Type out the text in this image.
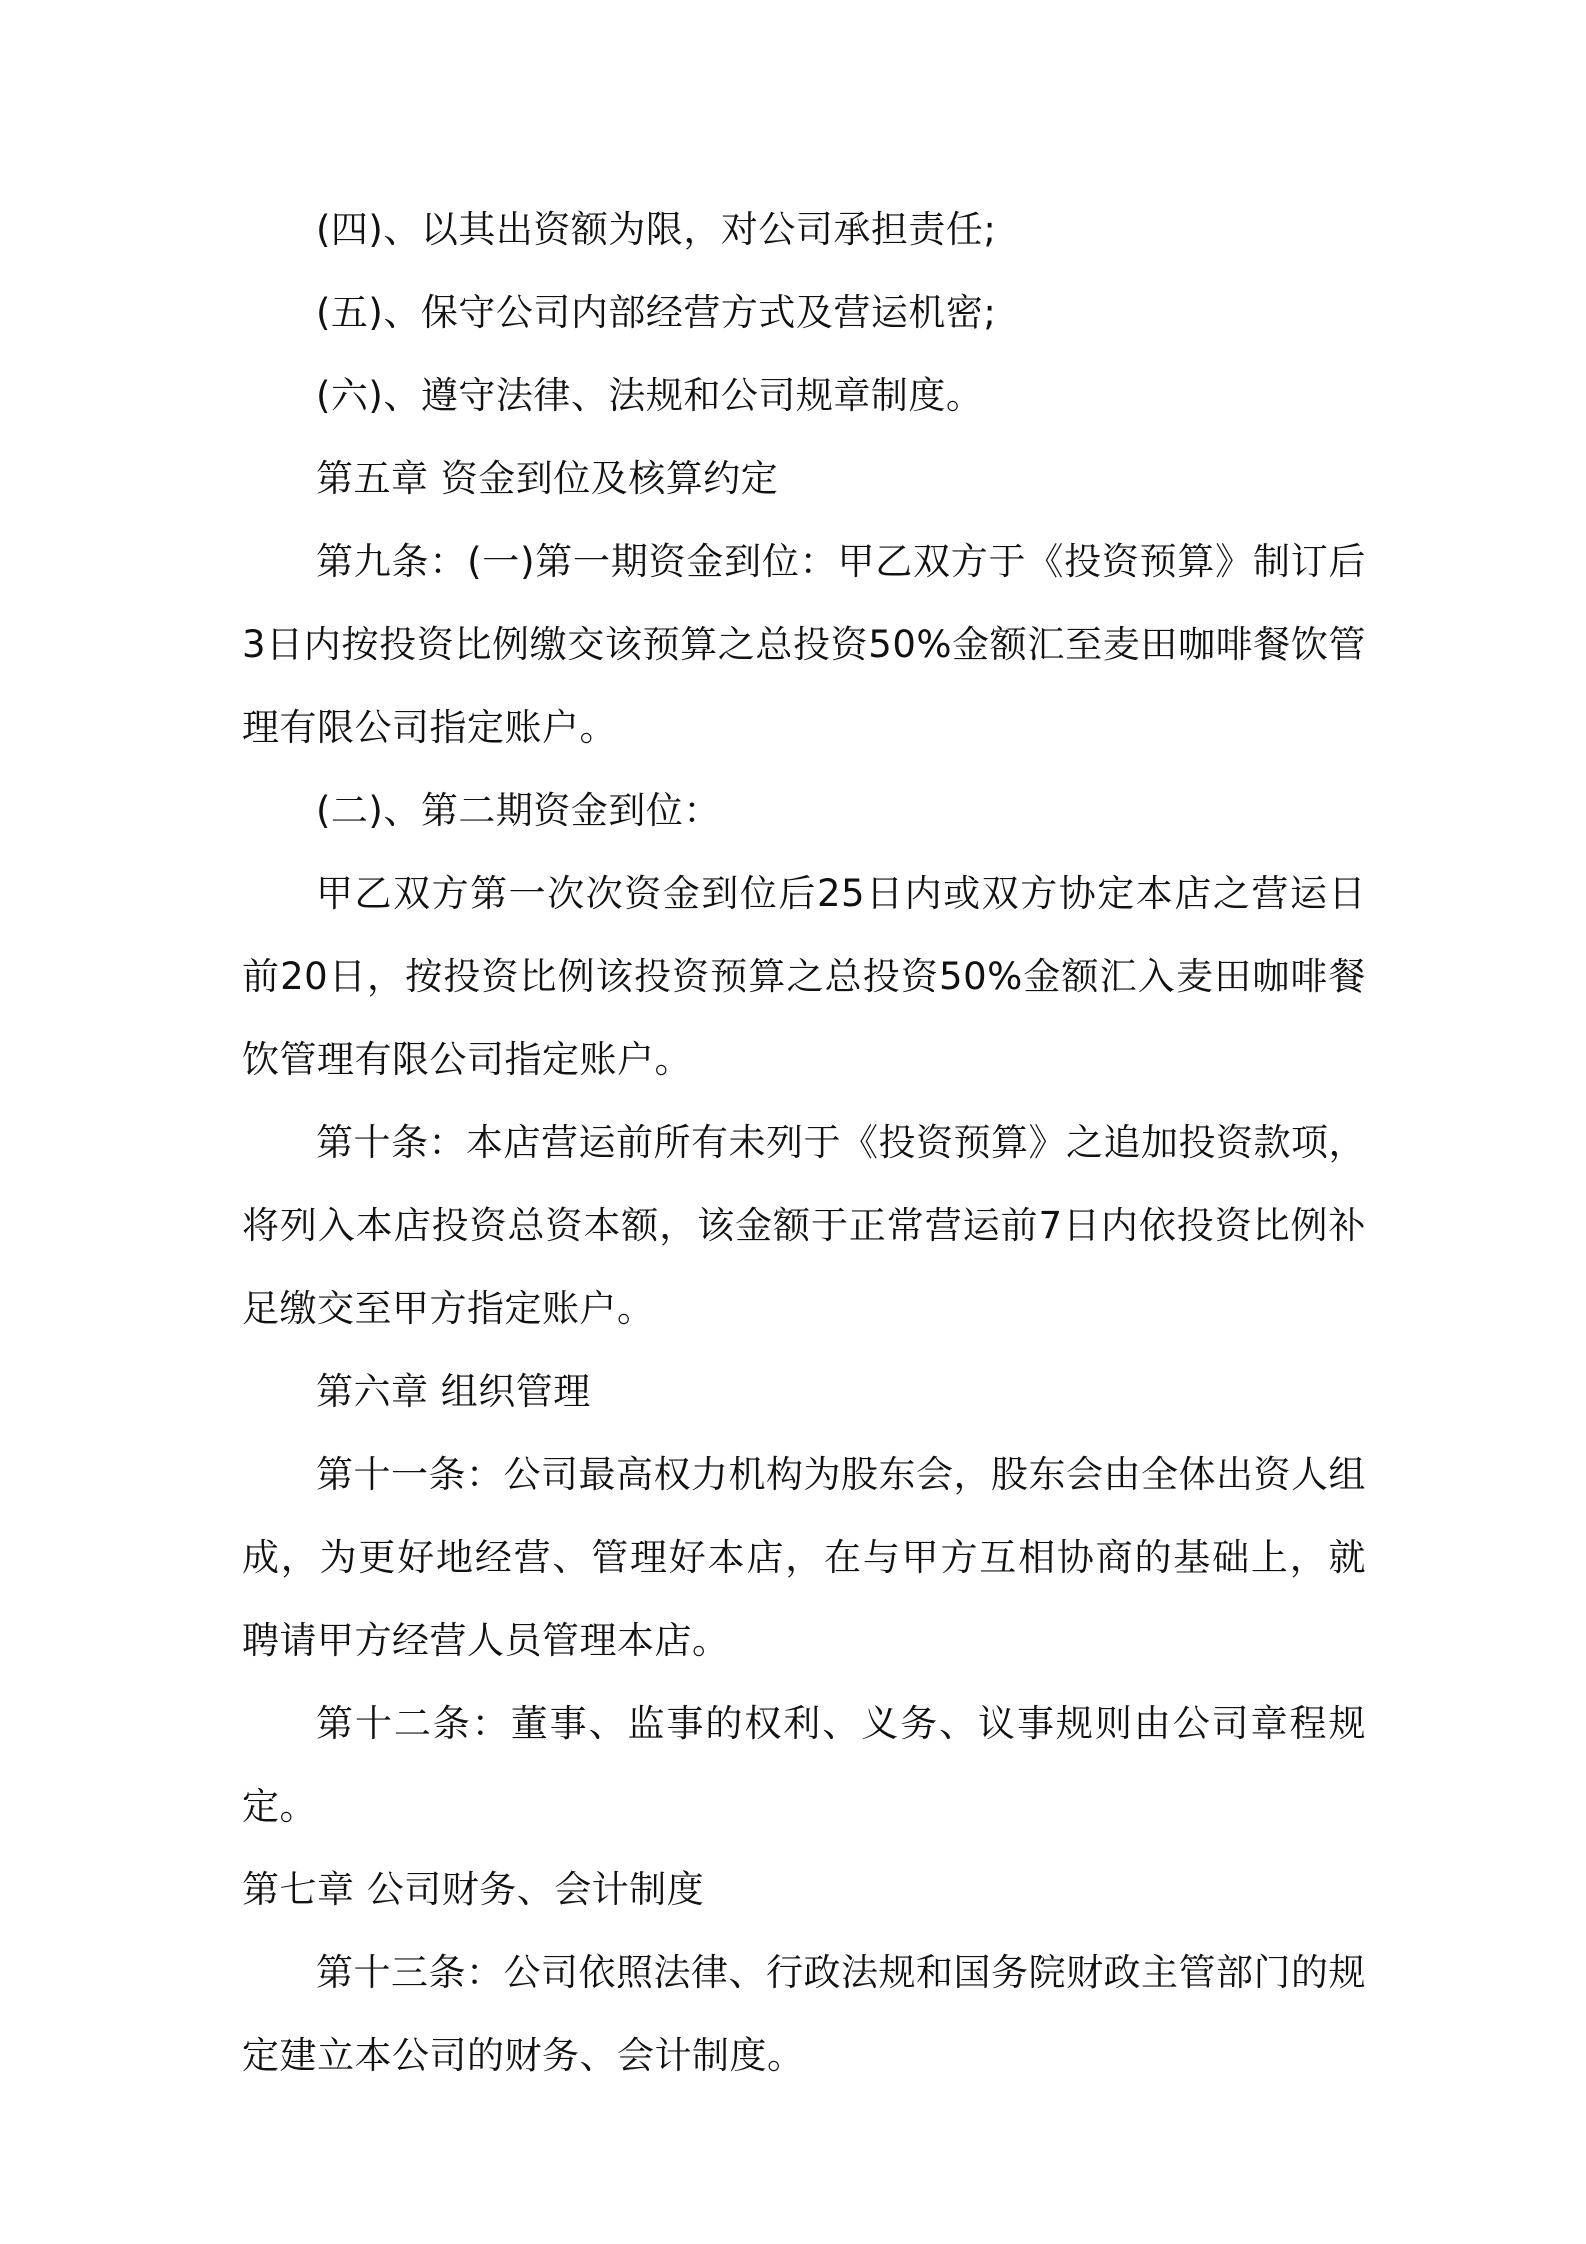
(四)、以其出资额为限，对公司承担责任;

(五)、保守公司内部经营方式及营运机密;

(六)、遵守法律、法规和公司规章制度。

第五章 资金到位及核算约定

第九条：(一)第一期资金到位：甲乙双方于《投资预算》制订后3日内按投资比例缴交该预算之总投资50%金额汇至麦田咖啡餐饮管理有限公司指定账户。

(二)、第二期资金到位：

甲乙双方第一次次资金到位后25日内或双方协定本店之营运日前20日，按投资比例该投资预算之总投资50%金额汇入麦田咖啡餐饮管理有限公司指定账户。

第十条：本店营运前所有未列于《投资预算》之追加投资款项，将列入本店投资总资本额，该金额于正常营运前7日内依投资比例补足缴交至甲方指定账户。

第六章 组织管理

第十一条：公司最高权力机构为股东会，股东会由全体出资人组成，为更好地经营、管理好本店，在与甲方互相协商的基础上，就聘请甲方经营人员管理本店。

第十二条：董事、监事的权利、义务、议事规则由公司章程规定。

第七章 公司财务、会计制度

第十三条：公司依照法律、行政法规和国务院财政主管部门的规定建立本公司的财务、会计制度。
